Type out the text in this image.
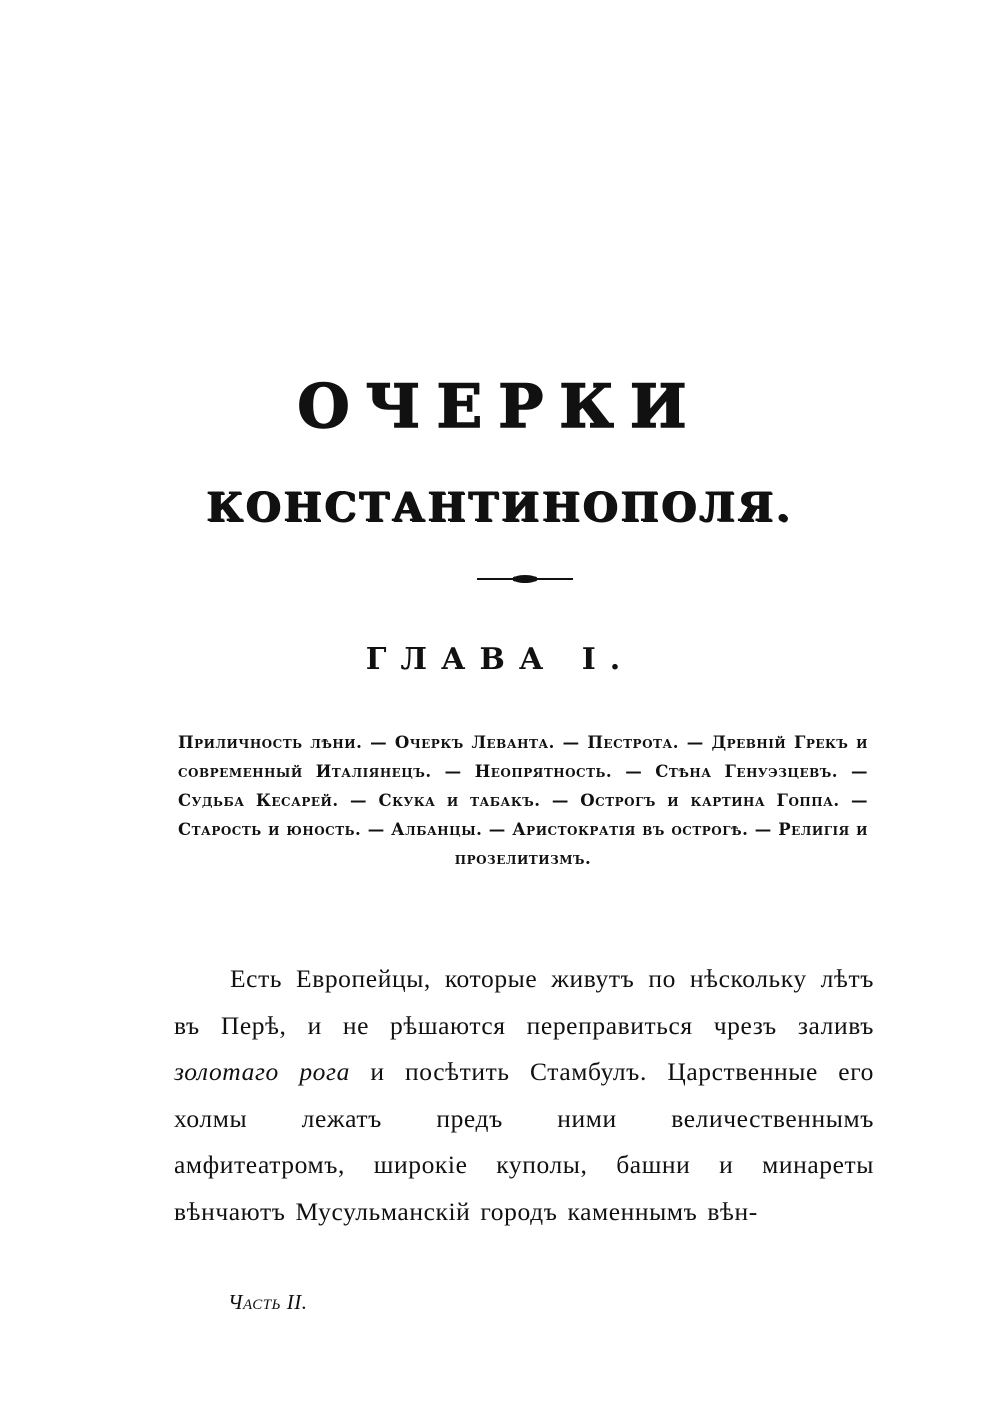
ОЧЕРКИ
КОНСТАНТИНОПОЛЯ.
ГЛАВА I.
Приличность лѣни. — Очеркъ Леванта. — Пестрота. — Древній Грекъ и современный Италіянецъ. — Неопрятность. — Стѣна Генуэзцевъ. — Судьба Кесарей. — Скука и табакъ. — Острогъ и картина Гоппа. — Старость и юность. — Албанцы. — Аристократія въ острогѣ. — Религія и прозелитизмъ.
Есть Европейцы, которые живутъ по нѣскольку лѣтъ въ Перѣ, и не рѣшаются переправиться чрезъ заливъ золотаго рога и посѣтить Стамбулъ. Царственные его холмы лежатъ предъ ними величественнымъ амфитеатромъ, широкіе куполы, башни и минареты вѣнчаютъ Мусульманскій городъ каменнымъ вѣн-
Часть II.
